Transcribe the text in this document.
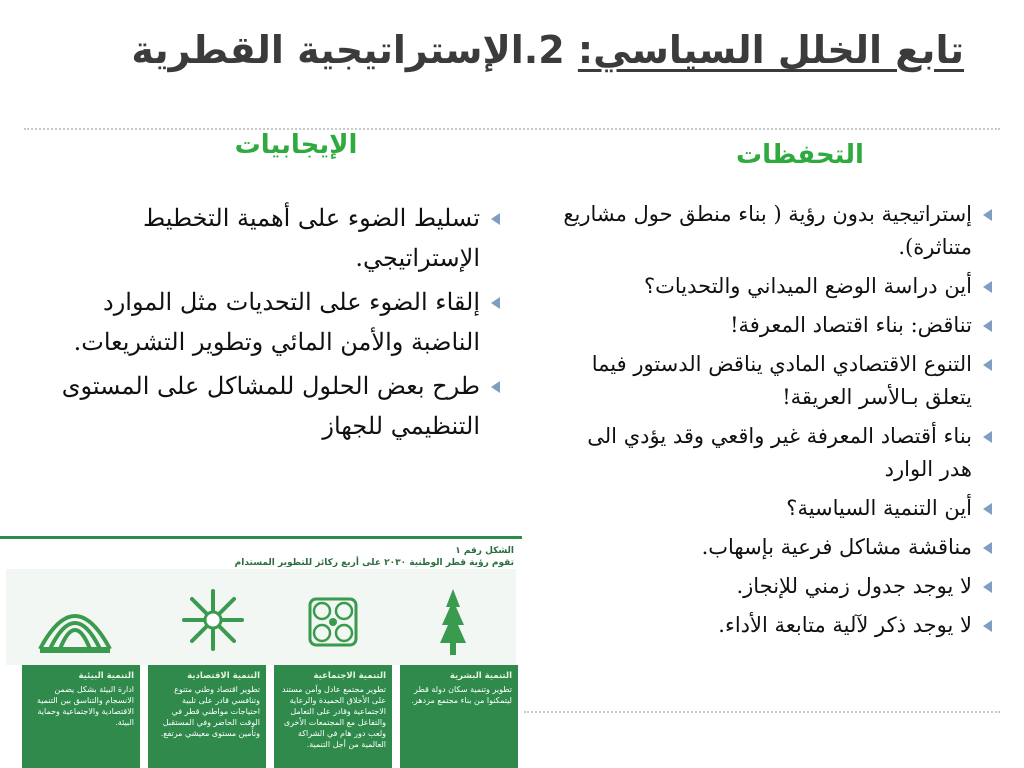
تابع الخلل السياسي: 2.الإستراتيجية القطرية
التحفظات
الإيجابيات
إستراتيجية بدون رؤية ( بناء منطق حول مشاريع متناثرة).
أين دراسة الوضع الميداني والتحديات؟
تناقض: بناء اقتصاد المعرفة!
التنوع الاقتصادي المادي يناقض الدستور فيما يتعلق بـالأسر العريقة!
بناء أقتصاد المعرفة غير واقعي وقد يؤدي الى هدر الوارد
أين التنمية السياسية؟
مناقشة مشاكل فرعية بإسهاب.
لا يوجد جدول زمني للإنجاز.
لا يوجد ذكر لآلية متابعة الأداء.
تسليط الضوء على أهمية التخطيط الإستراتيجي.
إلقاء الضوء على التحديات مثل الموارد الناضبة والأمن المائي وتطوير التشريعات.
طرح بعض الحلول للمشاكل على المستوى التنظيمي للجهاز
الشكل رقم ١
تقوم رؤية قطر الوطنية ٢٠٣٠ على أربع ركائز للتطوير المستدام
التنمية البشرية
تطوير وتنمية سكان دولة قطر ليتمكنوا من بناء مجتمع مزدهر.
التنمية الاجتماعية
تطوير مجتمع عادل وآمن مستند على الأخلاق الحميدة والرعاية الاجتماعية وقادر على التعامل والتفاعل مع المجتمعات الأخرى ولعب دور هام في الشراكة العالمية من أجل التنمية.
التنمية الاقتصادية
تطوير اقتصاد وطني متنوع وتنافسي قادر على تلبية احتياجات مواطني قطر في الوقت الحاضر وفي المستقبل وتأمين مستوى معيشي مرتفع.
التنمية البيئية
ادارة البيئة بشكل يضمن الانسجام والتناسق بين التنمية الاقتصادية والاجتماعية وحماية البيئة.
